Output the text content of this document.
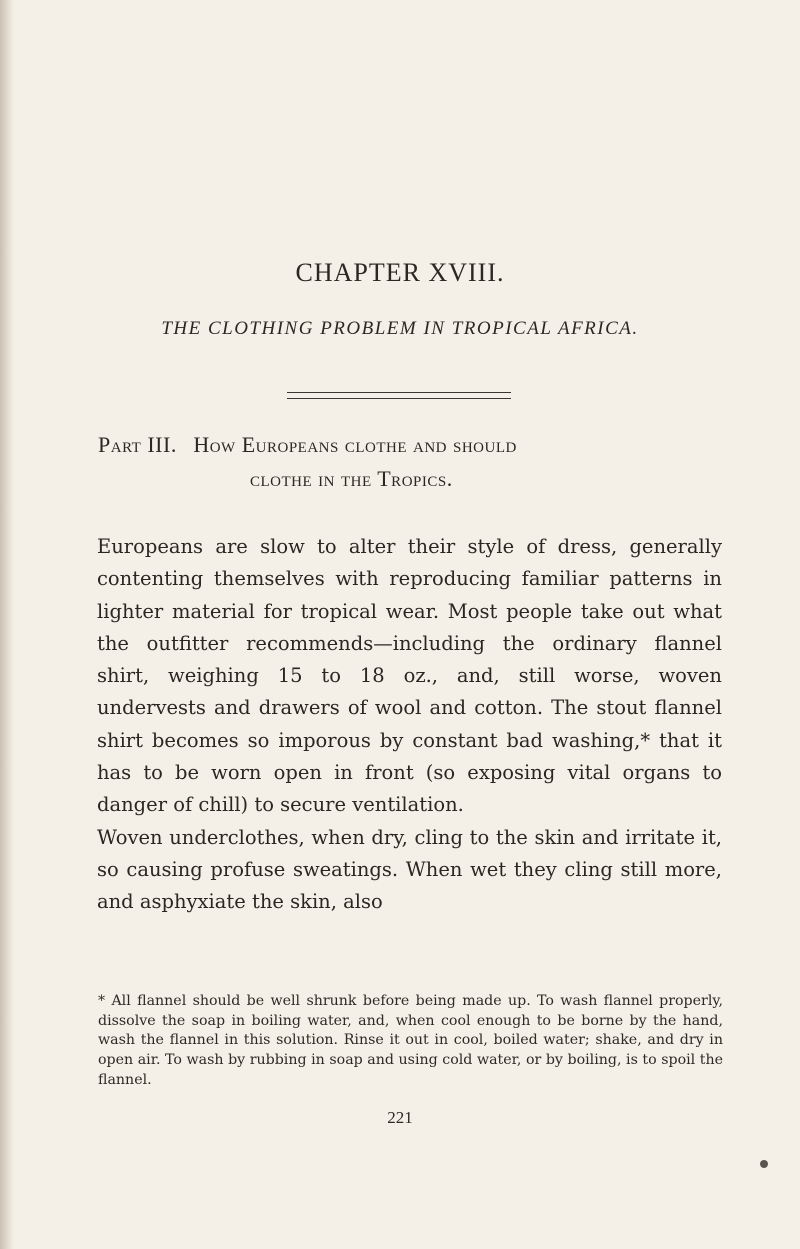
CHAPTER XVIII.
THE CLOTHING PROBLEM IN TROPICAL AFRICA.
Part III. How Europeans clothe and should
clothe in the Tropics.

Europeans are slow to alter their style of dress, generally contenting themselves with reproducing familiar patterns in lighter material for tropical wear. Most people take out what the outfitter recommends—including the ordinary flannel shirt, weighing 15 to 18 oz., and, still worse, woven undervests and drawers of wool and cotton. The stout flannel shirt becomes so imporous by constant bad washing,* that it has to be worn open in front (so exposing vital organs to danger of chill) to secure ventilation.

Woven underclothes, when dry, cling to the skin and irritate it, so causing profuse sweatings. When wet they cling still more, and asphyxiate the skin, also

* All flannel should be well shrunk before being made up. To wash flannel properly, dissolve the soap in boiling water, and, when cool enough to be borne by the hand, wash the flannel in this solution. Rinse it out in cool, boiled water; shake, and dry in open air. To wash by rubbing in soap and using cold water, or by boiling, is to spoil the flannel.
221
